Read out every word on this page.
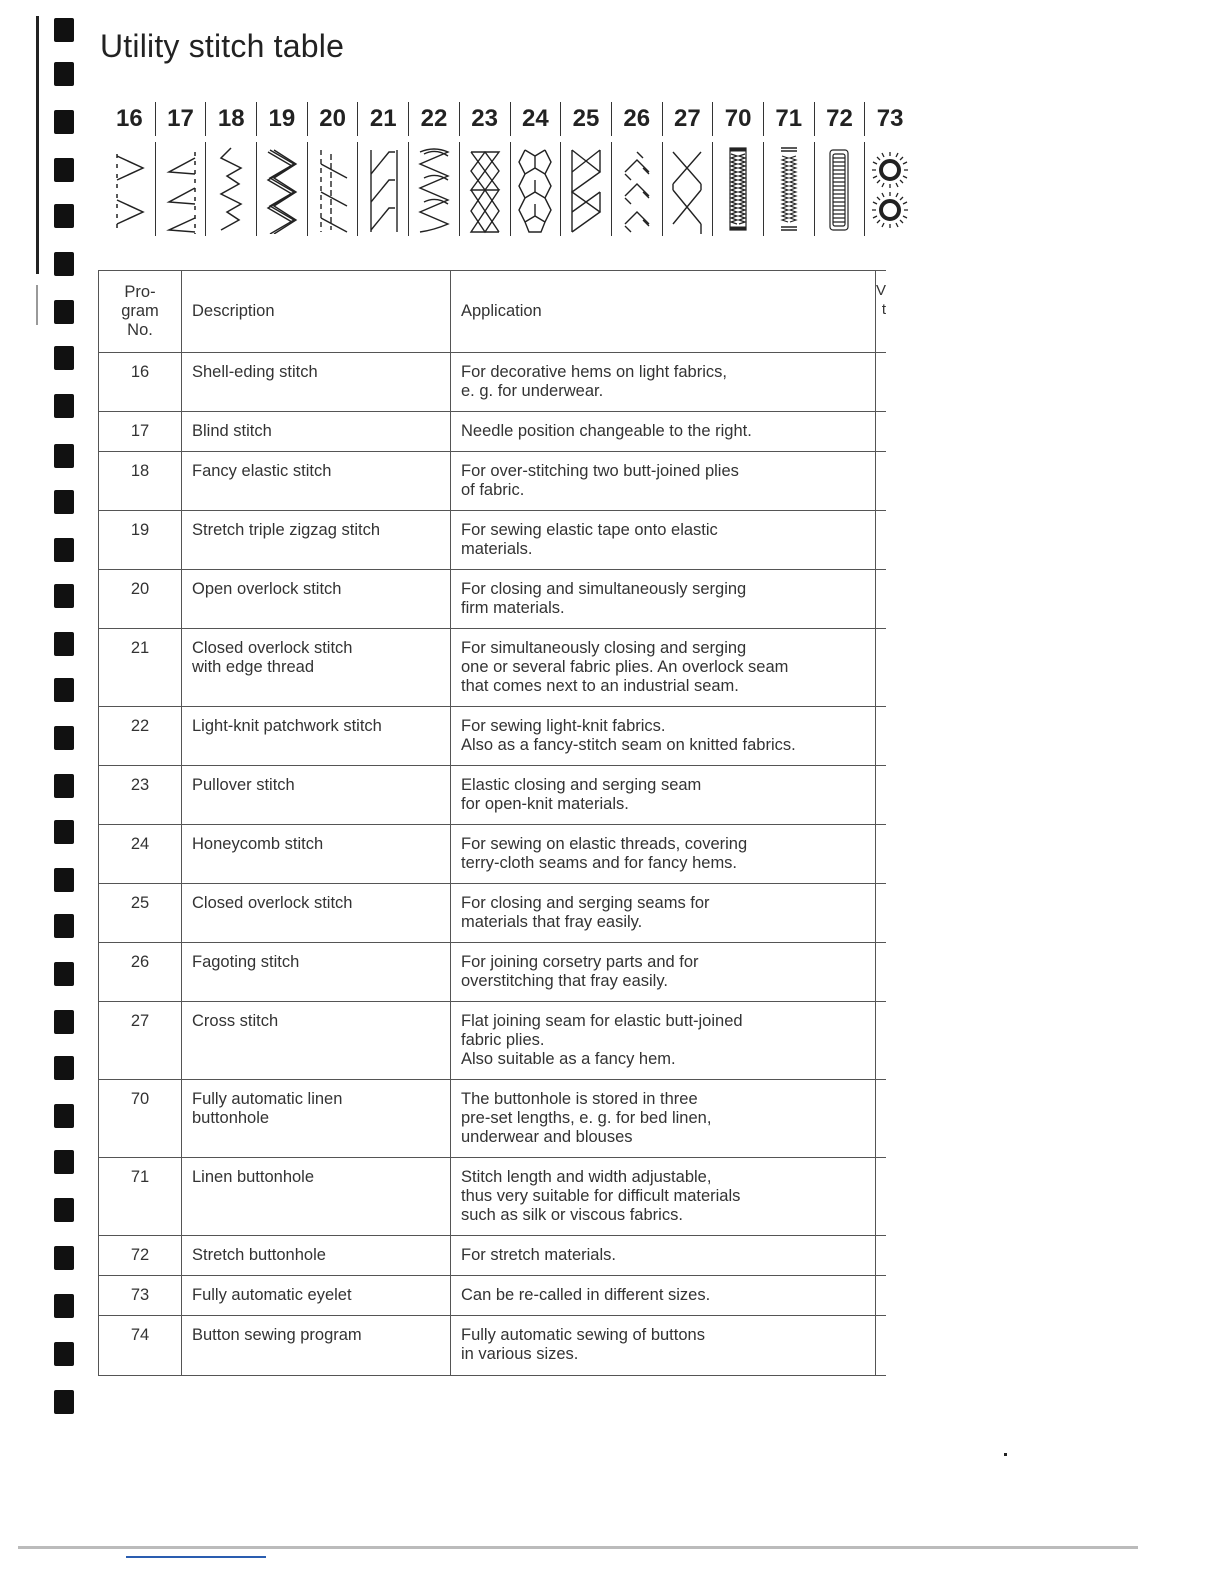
Utility stitch table
16	17 18 19 20 21 22 23 24 25 26 27 70 71 72 73
Pro-
gram
No.	Description	Application	V
t
16	Shell-eding stitch	For decorative hems on light fabrics,
e. g. for underwear.	

17	Blind stitch	Needle position changeable to the right.	

18	Fancy elastic stitch	For over-stitching two butt-joined plies
of fabric.	

19	Stretch triple zigzag stitch	For sewing elastic tape onto elastic
materials.	

20	Open overlock stitch	For closing and simultaneously serging
firm materials.	

21	Closed overlock stitch
with edge thread	For simultaneously closing and serging
one or several fabric plies. An overlock seam
that comes next to an industrial seam.	

22	Light-knit patchwork stitch	For sewing light-knit fabrics.
Also as a fancy-stitch seam on knitted fabrics.	

23	Pullover stitch	Elastic closing and serging seam
for open-knit materials.	

24	Honeycomb stitch	For sewing on elastic threads, covering
terry-cloth seams and for fancy hems.	

25	Closed overlock stitch	For closing and serging seams for
materials that fray easily.	

26	Fagoting stitch	For joining corsetry parts and for
overstitching that fray easily.	

27	Cross stitch	Flat joining seam for elastic butt-joined
fabric plies.
Also suitable as a fancy hem.	

70	Fully automatic linen
buttonhole	The buttonhole is stored in three
pre-set lengths, e. g. for bed linen,
underwear and blouses	

71	Linen buttonhole	Stitch length and width adjustable,
thus very suitable for difficult materials
such as silk or viscous fabrics.	

72	Stretch buttonhole	For stretch materials.	

73	Fully automatic eyelet	Can be re-called in different sizes.	

74	Button sewing program	Fully automatic sewing of buttons
in various sizes.	
